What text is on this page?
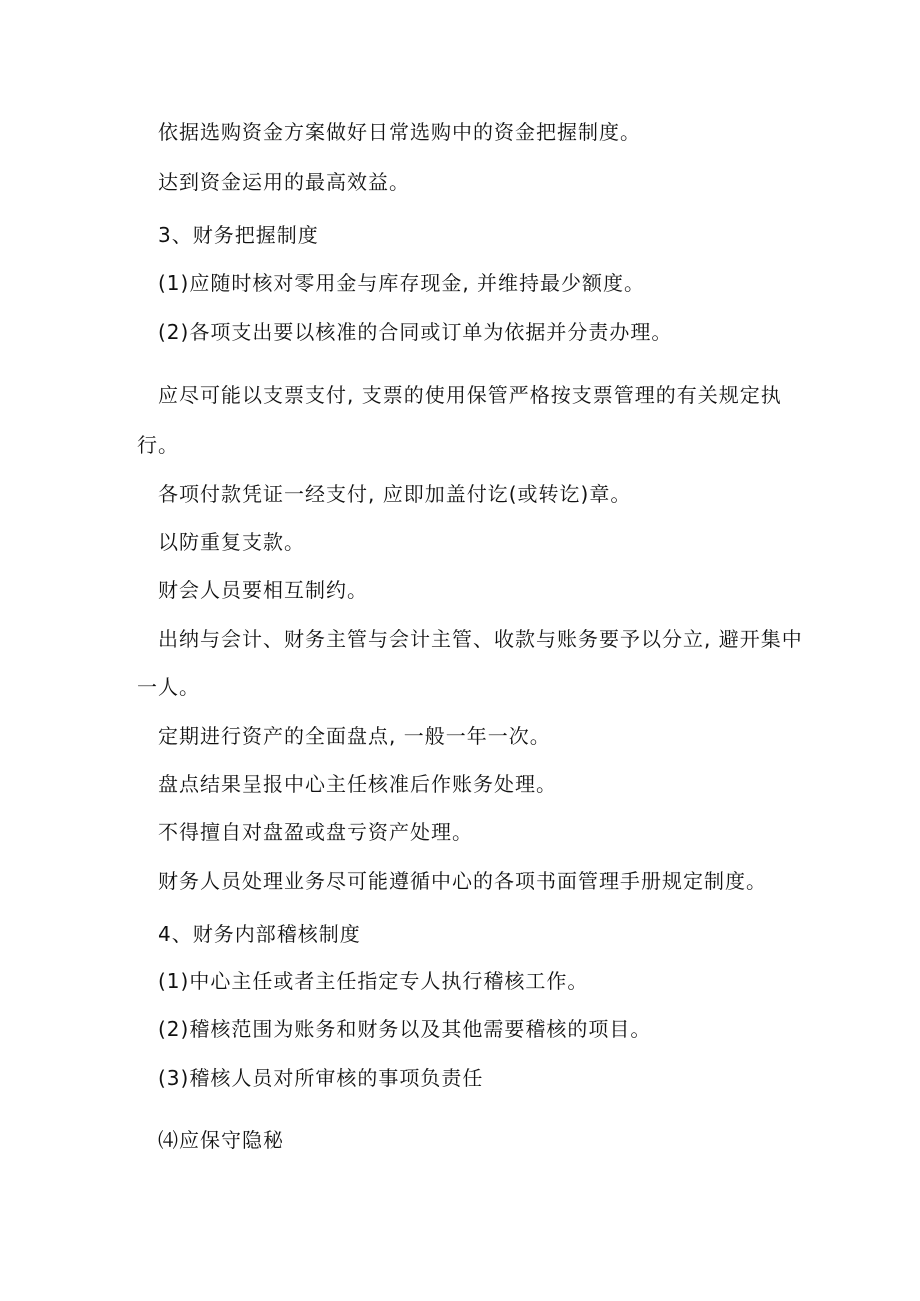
依据选购资金方案做好日常选购中的资金把握制度。
达到资金运用的最高效益。
3、财务把握制度
(1)应随时核对零用金与库存现金, 并维持最少额度。
(2)各项支出要以核准的合同或订单为依据并分责办理。
应尽可能以支票支付, 支票的使用保管严格按支票管理的有关规定执
行。
各项付款凭证一经支付, 应即加盖付讫(或转讫)章。
以防重复支款。
财会人员要相互制约。
出纳与会计、财务主管与会计主管、收款与账务要予以分立, 避开集中
一人。
定期进行资产的全面盘点, 一般一年一次。
盘点结果呈报中心主任核准后作账务处理。
不得擅自对盘盈或盘亏资产处理。
财务人员处理业务尽可能遵循中心的各项书面管理手册规定制度。
4、财务内部稽核制度
(1)中心主任或者主任指定专人执行稽核工作。
(2)稽核范围为账务和财务以及其他需要稽核的项目。
(3)稽核人员对所审核的事项负责任
⑷应保守隐秘
